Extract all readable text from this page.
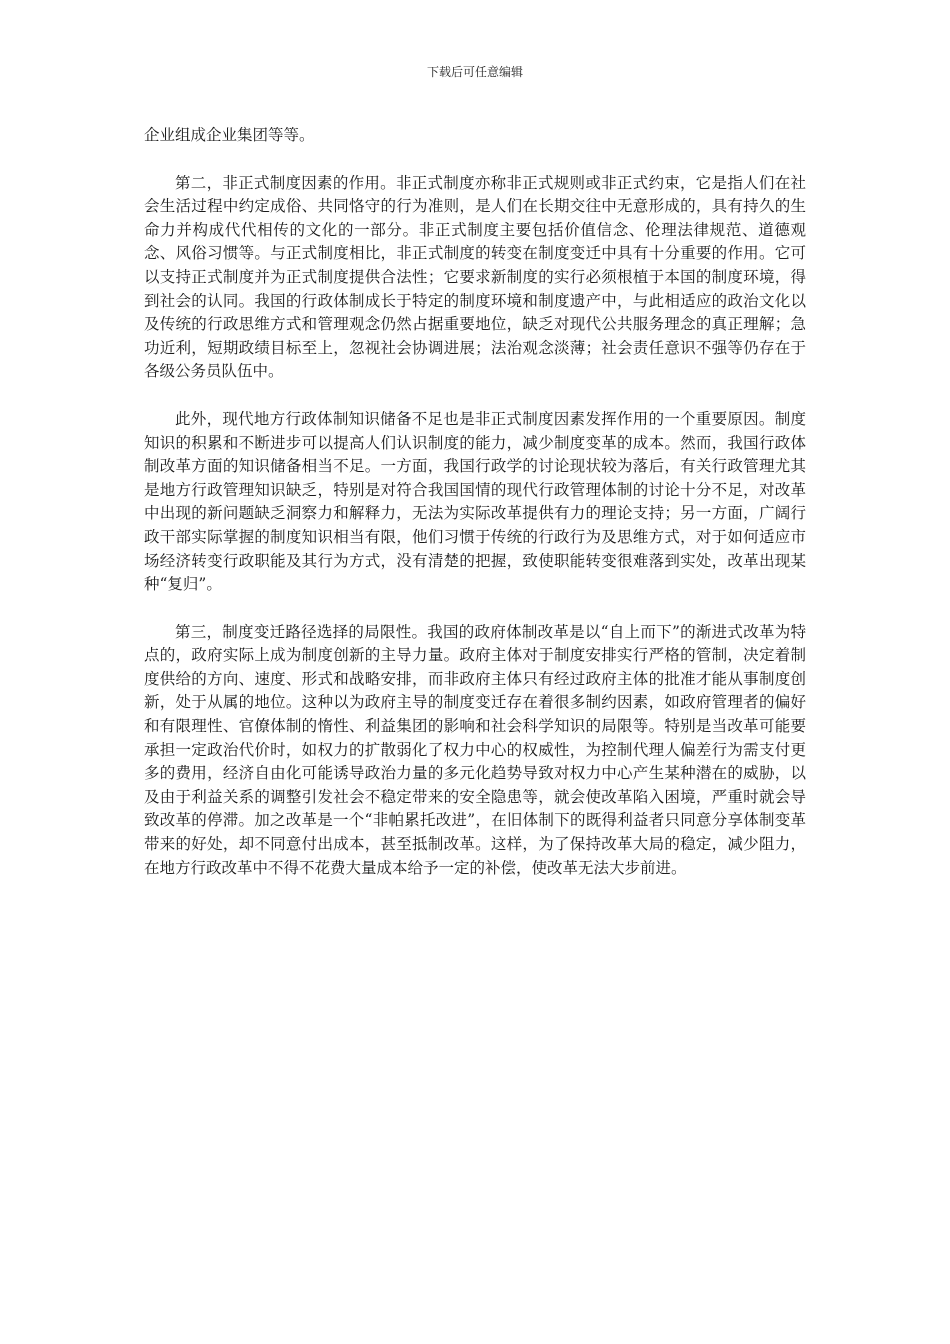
下载后可任意编辑

企业组成企业集团等等。

第二，非正式制度因素的作用。非正式制度亦称非正式规则或非正式约束，它是指人们在社会生活过程中约定成俗、共同恪守的行为准则，是人们在长期交往中无意形成的，具有持久的生命力并构成代代相传的文化的一部分。非正式制度主要包括价值信念、伦理法律规范、道德观念、风俗习惯等。与正式制度相比，非正式制度的转变在制度变迁中具有十分重要的作用。它可以支持正式制度并为正式制度提供合法性；它要求新制度的实行必须根植于本国的制度环境，得到社会的认同。我国的行政体制成长于特定的制度环境和制度遗产中，与此相适应的政治文化以及传统的行政思维方式和管理观念仍然占据重要地位，缺乏对现代公共服务理念的真正理解；急功近利，短期政绩目标至上，忽视社会协调进展；法治观念淡薄；社会责任意识不强等仍存在于各级公务员队伍中。

此外，现代地方行政体制知识储备不足也是非正式制度因素发挥作用的一个重要原因。制度知识的积累和不断进步可以提高人们认识制度的能力，减少制度变革的成本。然而，我国行政体制改革方面的知识储备相当不足。一方面，我国行政学的讨论现状较为落后，有关行政管理尤其是地方行政管理知识缺乏，特别是对符合我国国情的现代行政管理体制的讨论十分不足，对改革中出现的新问题缺乏洞察力和解释力，无法为实际改革提供有力的理论支持；另一方面，广阔行政干部实际掌握的制度知识相当有限，他们习惯于传统的行政行为及思维方式，对于如何适应市场经济转变行政职能及其行为方式，没有清楚的把握，致使职能转变很难落到实处，改革出现某种“复归”。

第三，制度变迁路径选择的局限性。我国的政府体制改革是以“自上而下”的渐进式改革为特点的，政府实际上成为制度创新的主导力量。政府主体对于制度安排实行严格的管制，决定着制度供给的方向、速度、形式和战略安排，而非政府主体只有经过政府主体的批准才能从事制度创新，处于从属的地位。这种以为政府主导的制度变迁存在着很多制约因素，如政府管理者的偏好和有限理性、官僚体制的惰性、利益集团的影响和社会科学知识的局限等。特别是当改革可能要承担一定政治代价时，如权力的扩散弱化了权力中心的权威性，为控制代理人偏差行为需支付更多的费用，经济自由化可能诱导政治力量的多元化趋势导致对权力中心产生某种潜在的威胁，以及由于利益关系的调整引发社会不稳定带来的安全隐患等，就会使改革陷入困境，严重时就会导致改革的停滞。加之改革是一个“非帕累托改进”，在旧体制下的既得利益者只同意分享体制变革带来的好处，却不同意付出成本，甚至抵制改革。这样，为了保持改革大局的稳定，减少阻力，在地方行政改革中不得不花费大量成本给予一定的补偿，使改革无法大步前进。
